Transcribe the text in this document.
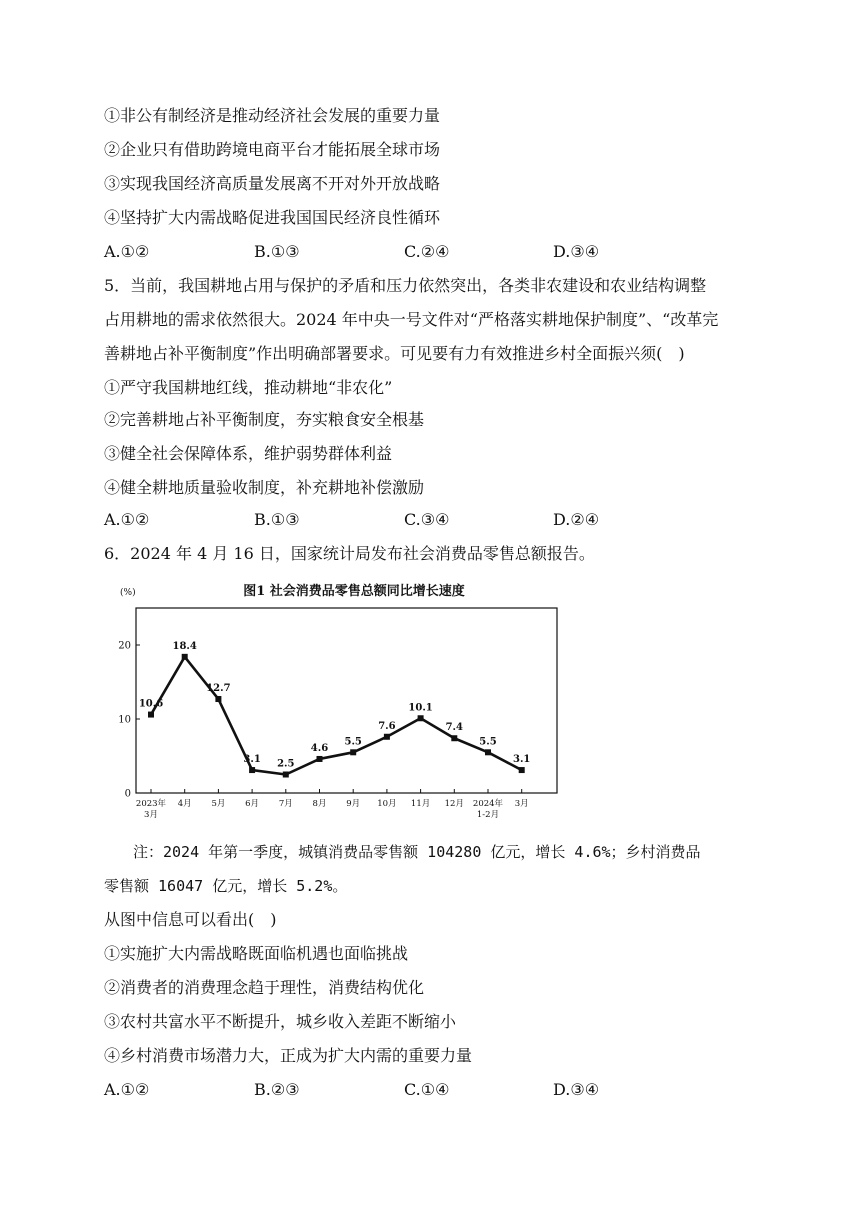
①非公有制经济是推动经济社会发展的重要力量
②企业只有借助跨境电商平台才能拓展全球市场
③实现我国经济高质量发展离不开对外开放战略
④坚持扩大内需战略促进我国国民经济良性循环
A.①②	B.①③	C.②④	D.③④
5．当前，我国耕地占用与保护的矛盾和压力依然突出，各类非农建设和农业结构调整
占用耕地的需求依然很大。2024 年中央一号文件对“严格落实耕地保护制度”、“改革完
善耕地占补平衡制度”作出明确部署要求。可见要有力有效推进乡村全面振兴须(　)
①严守我国耕地红线，推动耕地“非农化”
②完善耕地占补平衡制度，夯实粮食安全根基
③健全社会保障体系，维护弱势群体利益
④健全耕地质量验收制度，补充耕地补偿激励
A.①②	B.①③	C.③④	D.②④
6．2024 年 4 月 16 日，国家统计局发布社会消费品零售总额报告。
图1 社会消费品零售总额同比增长速度
(%)
0
10
20
2023年
3月
4月 5月 6月 7月 8月 9月 10月 11月 12月 2024年
1-2月
3月
10.6
18.4
12.7
3.1 2.5
4.6
5.5
7.6
10.1
7.4
5.5
3.1
注：2024 年第一季度，城镇消费品零售额 104280 亿元，增长 4.6%；乡村消费品
零售额 16047 亿元，增长 5.2%。
从图中信息可以看出(　)
①实施扩大内需战略既面临机遇也面临挑战
②消费者的消费理念趋于理性，消费结构优化
③农村共富水平不断提升，城乡收入差距不断缩小
④乡村消费市场潜力大，正成为扩大内需的重要力量
A.①②	B.②③	C.①④	D.③④
